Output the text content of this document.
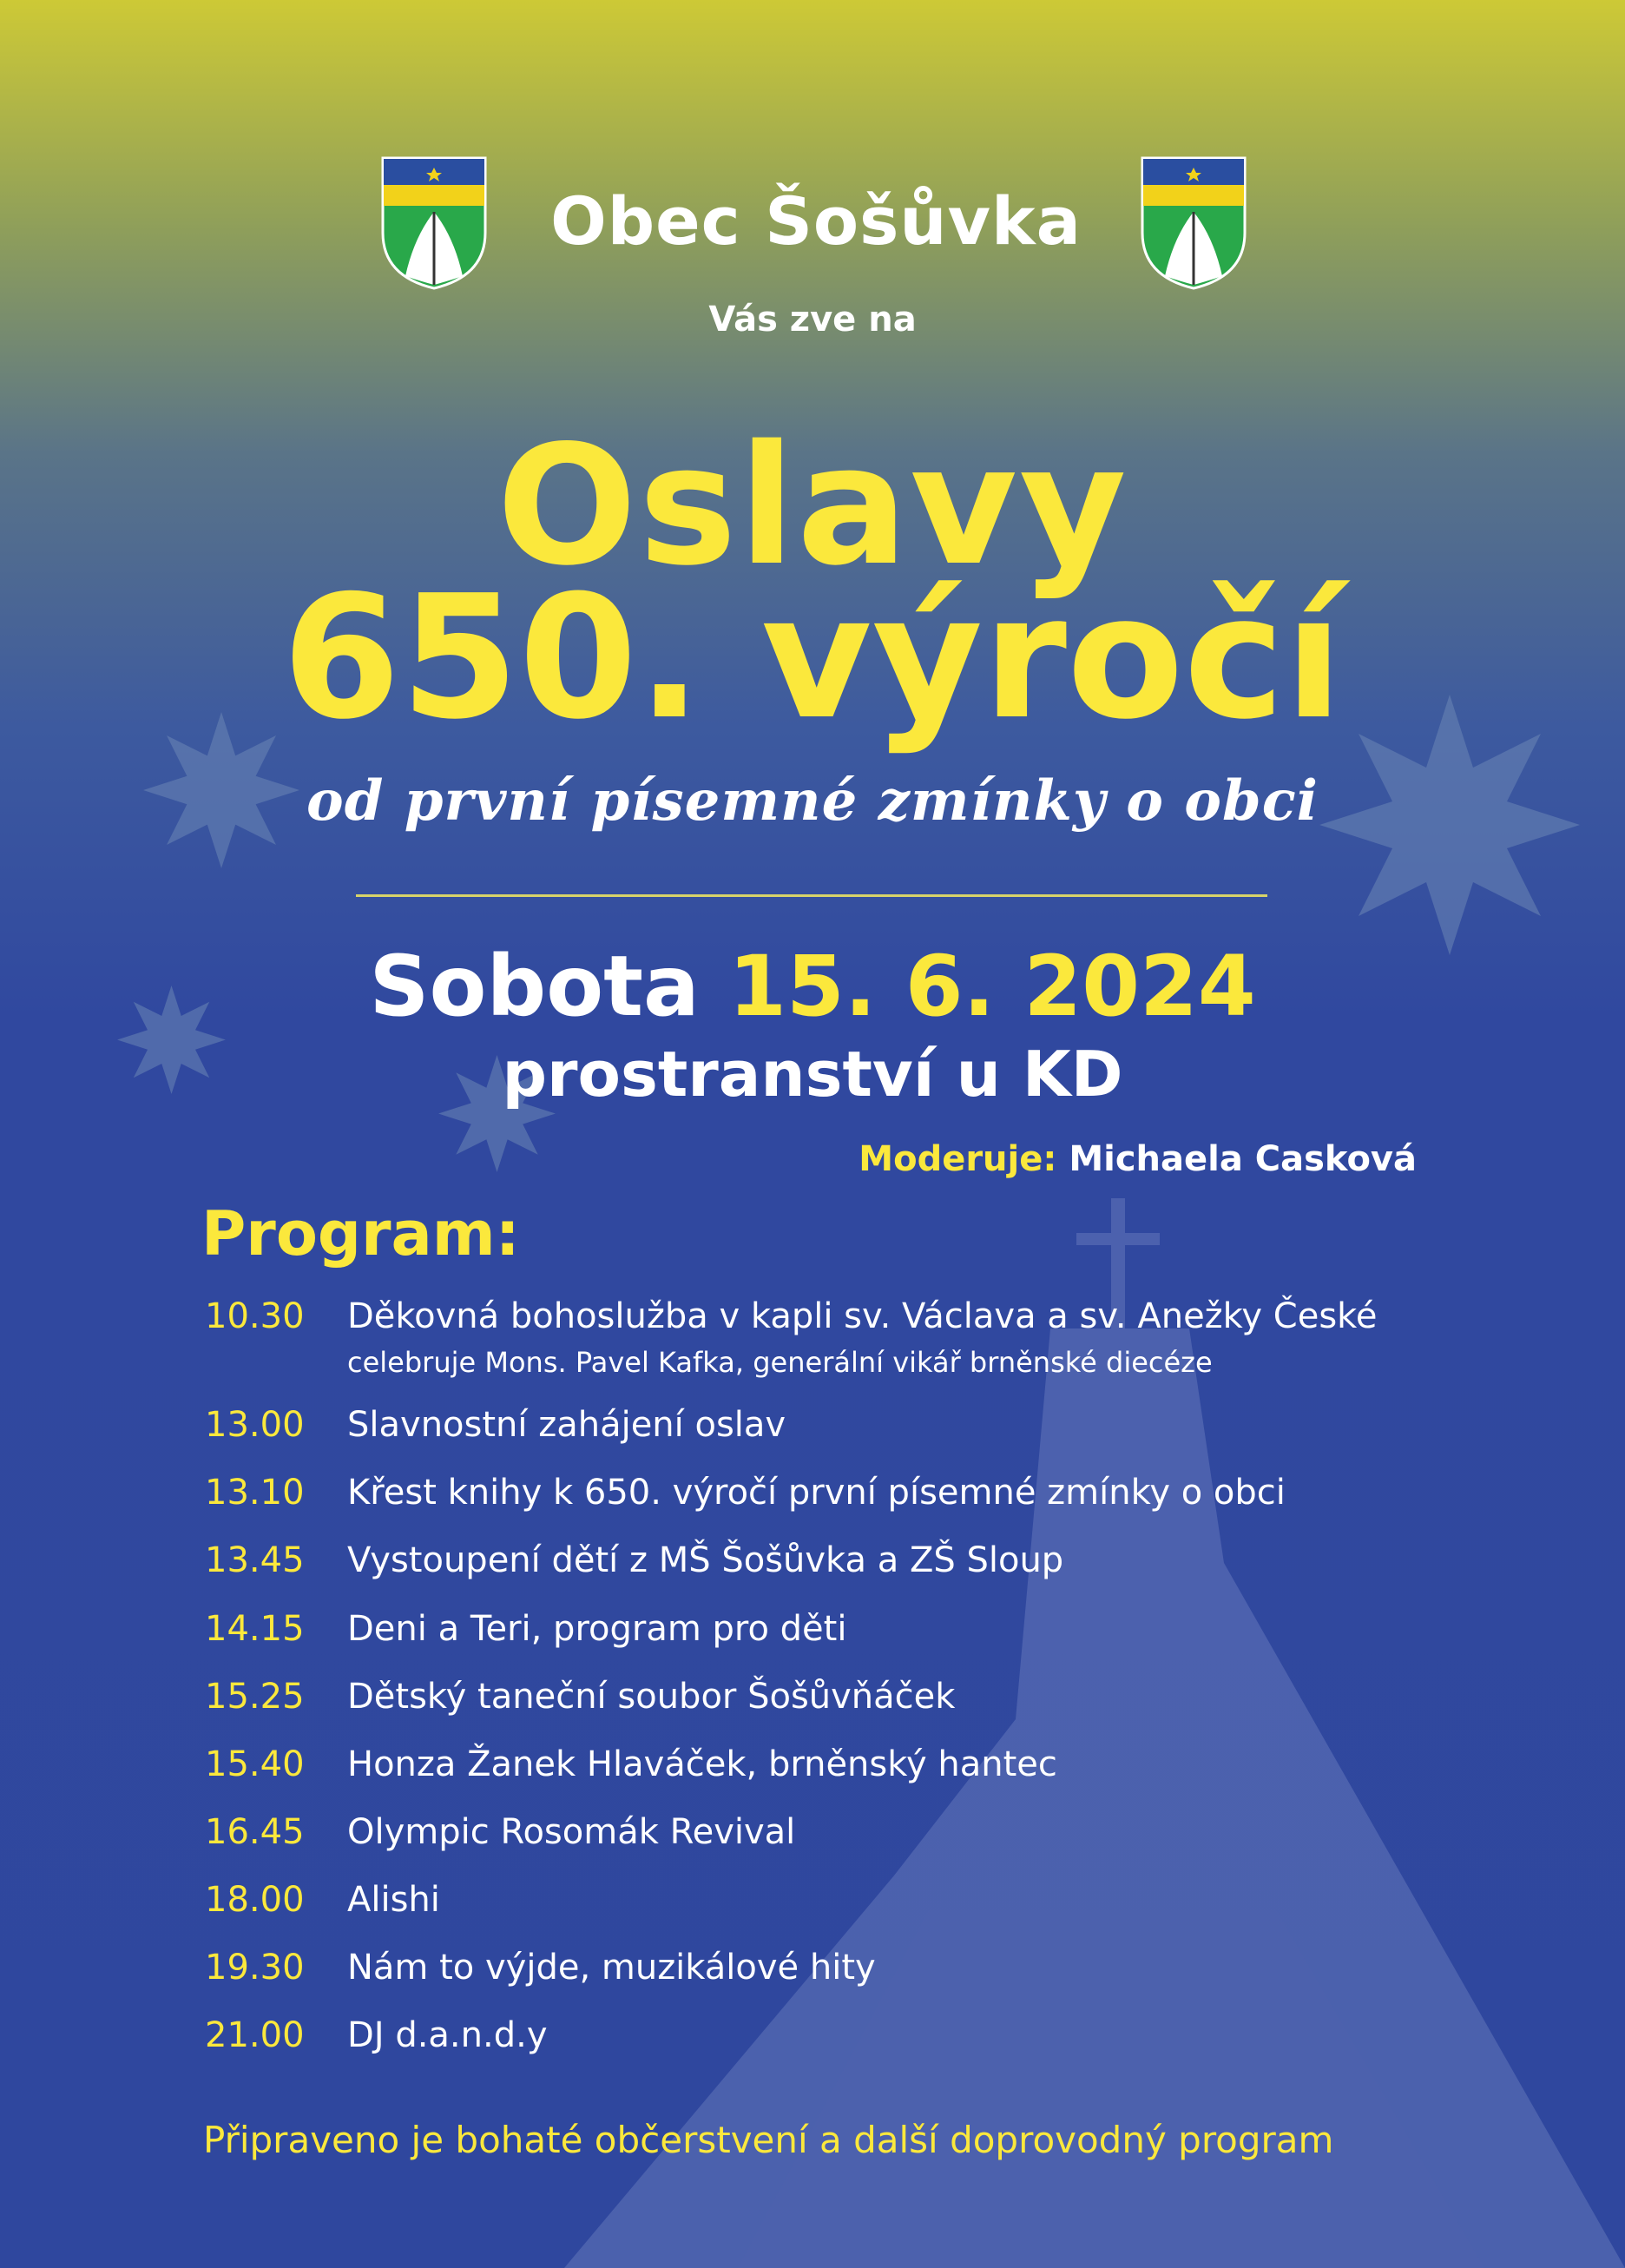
Obec Šošůvka
Vás zve na
Oslavy
650. výročí
od první písemné zmínky o obci
Sobota 15. 6. 2024
prostranství u KD
Moderuje: Michaela Casková
Program:
10.30	Děkovná bohoslužba v kapli sv. Václava a sv. Anežky České
celebruje Mons. Pavel Kafka, generální vikář brněnské diecéze
13.00	Slavnostní zahájení oslav
13.10	Křest knihy k 650. výročí první písemné zmínky o obci
13.45	Vystoupení dětí z MŠ Šošůvka a ZŠ Sloup
14.15	Deni a Teri, program pro děti
15.25	Dětský taneční soubor Šošůvňáček
15.40	Honza Žanek Hlaváček, brněnský hantec
16.45	Olympic Rosomák Revival
18.00	Alishi
19.30	Nám to výjde, muzikálové hity
21.00	DJ d.a.n.d.y
Připraveno je bohaté občerstvení a další doprovodný program
